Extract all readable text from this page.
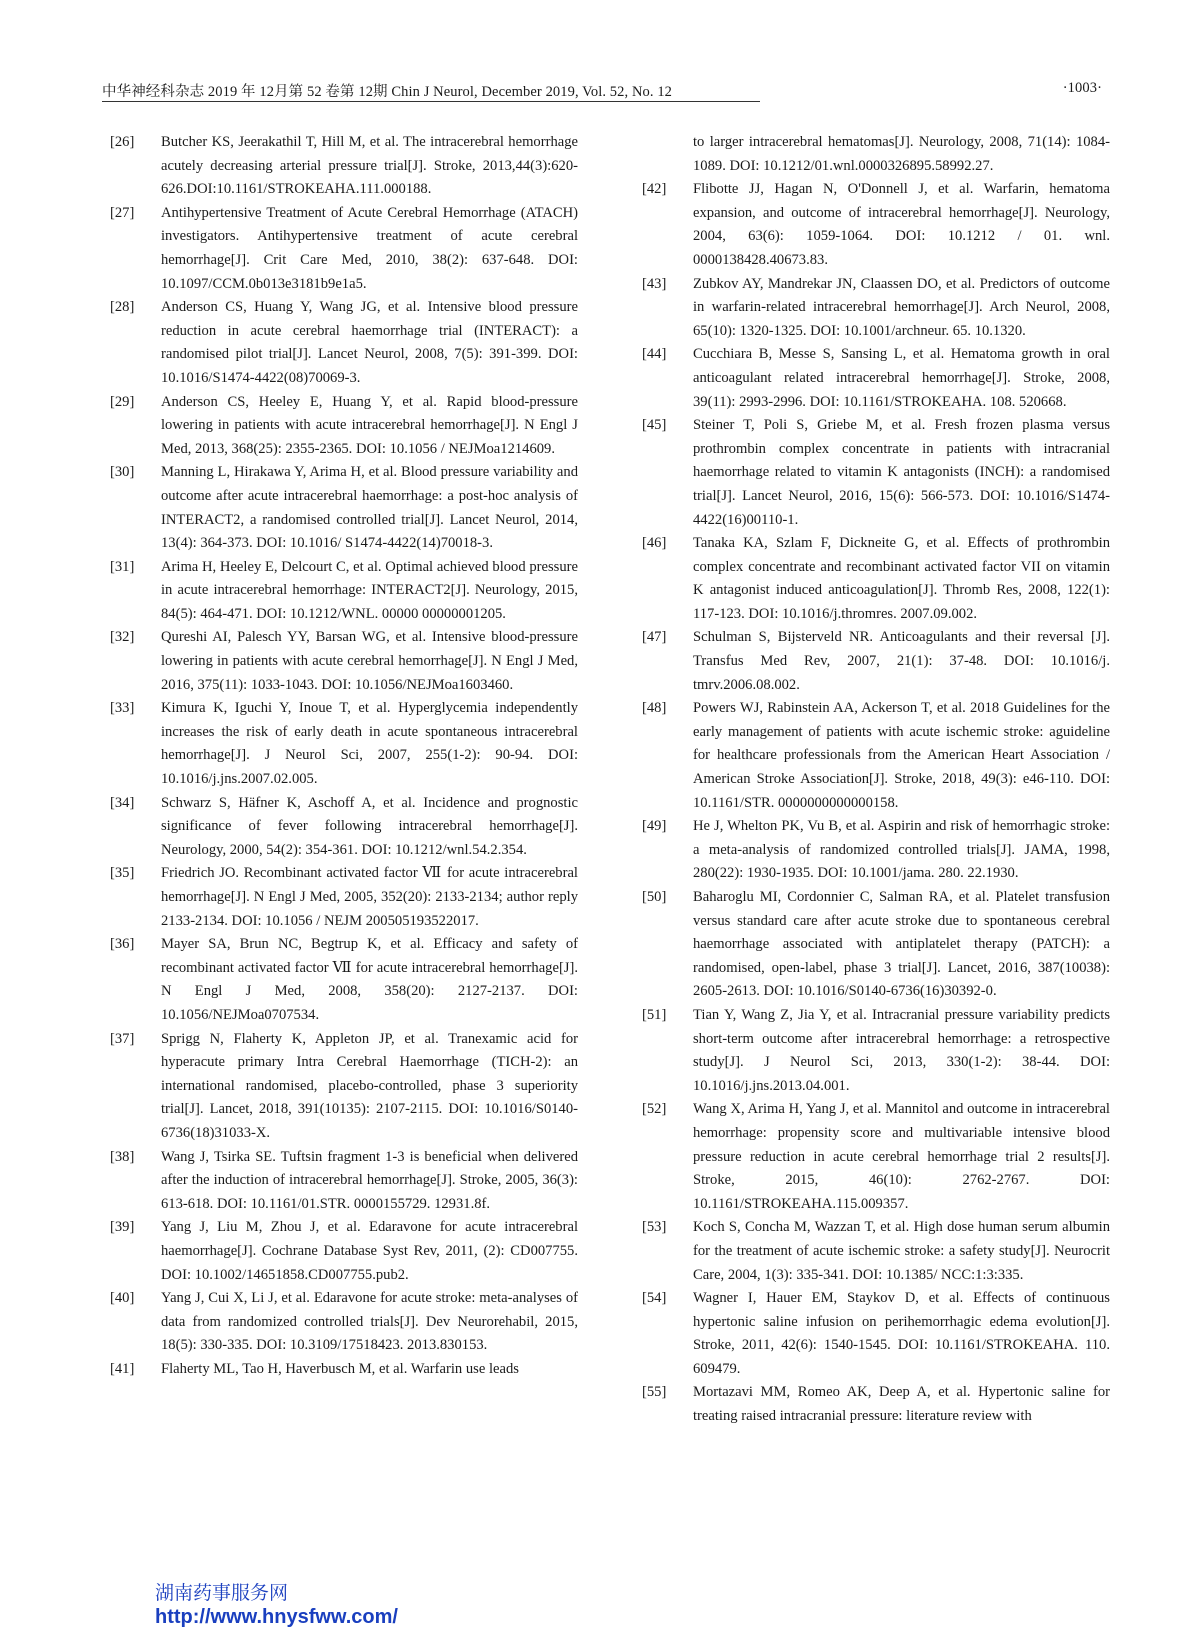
中华神经科杂志 2019 年 12月第 52 卷第 12期 Chin J Neurol, December 2019, Vol. 52, No. 12	·1003·
[26] Butcher KS, Jeerakathil T, Hill M, et al. The intracerebral hemorrhage acutely decreasing arterial pressure trial[J]. Stroke, 2013,44(3):620-626.DOI:10.1161/STROKEAHA.111.000188.
[27] Antihypertensive Treatment of Acute Cerebral Hemorrhage (ATACH) investigators. Antihypertensive treatment of acute cerebral hemorrhage[J]. Crit Care Med, 2010, 38(2): 637-648. DOI: 10.1097/CCM.0b013e3181b9e1a5.
[28] Anderson CS, Huang Y, Wang JG, et al. Intensive blood pressure reduction in acute cerebral haemorrhage trial (INTERACT): a randomised pilot trial[J]. Lancet Neurol, 2008, 7(5): 391-399. DOI: 10.1016/S1474-4422(08)70069-3.
[29] Anderson CS, Heeley E, Huang Y, et al. Rapid blood-pressure lowering in patients with acute intracerebral hemorrhage[J]. N Engl J Med, 2013, 368(25): 2355-2365. DOI: 10.1056 / NEJMoa1214609.
[30] Manning L, Hirakawa Y, Arima H, et al. Blood pressure variability and outcome after acute intracerebral haemorrhage: a post-hoc analysis of INTERACT2, a randomised controlled trial[J]. Lancet Neurol, 2014, 13(4): 364-373. DOI: 10.1016/ S1474-4422(14)70018-3.
[31] Arima H, Heeley E, Delcourt C, et al. Optimal achieved blood pressure in acute intracerebral hemorrhage: INTERACT2[J]. Neurology, 2015, 84(5): 464-471. DOI: 10.1212/WNL. 00000 00000001205.
[32] Qureshi AI, Palesch YY, Barsan WG, et al. Intensive blood-pressure lowering in patients with acute cerebral hemorrhage[J]. N Engl J Med, 2016, 375(11): 1033-1043. DOI: 10.1056/NEJMoa1603460.
[33] Kimura K, Iguchi Y, Inoue T, et al. Hyperglycemia independently increases the risk of early death in acute spontaneous intracerebral hemorrhage[J]. J Neurol Sci, 2007, 255(1-2): 90-94. DOI: 10.1016/j.jns.2007.02.005.
[34] Schwarz S, Häfner K, Aschoff A, et al. Incidence and prognostic significance of fever following intracerebral hemorrhage[J]. Neurology, 2000, 54(2): 354-361. DOI: 10.1212/wnl.54.2.354.
[35] Friedrich JO. Recombinant activated factor Ⅶ for acute intracerebral hemorrhage[J]. N Engl J Med, 2005, 352(20): 2133-2134; author reply 2133-2134. DOI: 10.1056 / NEJM 200505193522017.
[36] Mayer SA, Brun NC, Begtrup K, et al. Efficacy and safety of recombinant activated factor Ⅶ for acute intracerebral hemorrhage[J]. N Engl J Med, 2008, 358(20): 2127-2137. DOI: 10.1056/NEJMoa0707534.
[37] Sprigg N, Flaherty K, Appleton JP, et al. Tranexamic acid for hyperacute primary Intra Cerebral Haemorrhage (TICH-2): an international randomised, placebo-controlled, phase 3 superiority trial[J]. Lancet, 2018, 391(10135): 2107-2115. DOI: 10.1016/S0140-6736(18)31033-X.
[38] Wang J, Tsirka SE. Tuftsin fragment 1-3 is beneficial when delivered after the induction of intracerebral hemorrhage[J]. Stroke, 2005, 36(3): 613-618. DOI: 10.1161/01.STR. 0000155729. 12931.8f.
[39] Yang J, Liu M, Zhou J, et al. Edaravone for acute intracerebral haemorrhage[J]. Cochrane Database Syst Rev, 2011, (2): CD007755. DOI: 10.1002/14651858.CD007755.pub2.
[40] Yang J, Cui X, Li J, et al. Edaravone for acute stroke: meta-analyses of data from randomized controlled trials[J]. Dev Neurorehabil, 2015, 18(5): 330-335. DOI: 10.3109/17518423. 2013.830153.
[41] Flaherty ML, Tao H, Haverbusch M, et al. Warfarin use leads
to larger intracerebral hematomas[J]. Neurology, 2008, 71(14): 1084-1089. DOI: 10.1212/01.wnl.0000326895.58992.27.
[42] Flibotte JJ, Hagan N, O'Donnell J, et al. Warfarin, hematoma expansion, and outcome of intracerebral hemorrhage[J]. Neurology, 2004, 63(6): 1059-1064. DOI: 10.1212 / 01. wnl. 0000138428.40673.83.
[43] Zubkov AY, Mandrekar JN, Claassen DO, et al. Predictors of outcome in warfarin-related intracerebral hemorrhage[J]. Arch Neurol, 2008, 65(10): 1320-1325. DOI: 10.1001/archneur. 65. 10.1320.
[44] Cucchiara B, Messe S, Sansing L, et al. Hematoma growth in oral anticoagulant related intracerebral hemorrhage[J]. Stroke, 2008, 39(11): 2993-2996. DOI: 10.1161/STROKEAHA. 108. 520668.
[45] Steiner T, Poli S, Griebe M, et al. Fresh frozen plasma versus prothrombin complex concentrate in patients with intracranial haemorrhage related to vitamin K antagonists (INCH): a randomised trial[J]. Lancet Neurol, 2016, 15(6): 566-573. DOI: 10.1016/S1474-4422(16)00110-1.
[46] Tanaka KA, Szlam F, Dickneite G, et al. Effects of prothrombin complex concentrate and recombinant activated factor VII on vitamin K antagonist induced anticoagulation[J]. Thromb Res, 2008, 122(1): 117-123. DOI: 10.1016/j.thromres. 2007.09.002.
[47] Schulman S, Bijsterveld NR. Anticoagulants and their reversal [J]. Transfus Med Rev, 2007, 21(1): 37-48. DOI: 10.1016/j. tmrv.2006.08.002.
[48] Powers WJ, Rabinstein AA, Ackerson T, et al. 2018 Guidelines for the early management of patients with acute ischemic stroke: aguideline for healthcare professionals from the American Heart Association / American Stroke Association[J]. Stroke, 2018, 49(3): e46-110. DOI: 10.1161/STR. 0000000000000158.
[49] He J, Whelton PK, Vu B, et al. Aspirin and risk of hemorrhagic stroke: a meta-analysis of randomized controlled trials[J]. JAMA, 1998, 280(22): 1930-1935. DOI: 10.1001/jama. 280. 22.1930.
[50] Baharoglu MI, Cordonnier C, Salman RA, et al. Platelet transfusion versus standard care after acute stroke due to spontaneous cerebral haemorrhage associated with antiplatelet therapy (PATCH): a randomised, open-label, phase 3 trial[J]. Lancet, 2016, 387(10038): 2605-2613. DOI: 10.1016/S0140-6736(16)30392-0.
[51] Tian Y, Wang Z, Jia Y, et al. Intracranial pressure variability predicts short-term outcome after intracerebral hemorrhage: a retrospective study[J]. J Neurol Sci, 2013, 330(1-2): 38-44. DOI: 10.1016/j.jns.2013.04.001.
[52] Wang X, Arima H, Yang J, et al. Mannitol and outcome in intracerebral hemorrhage: propensity score and multivariable intensive blood pressure reduction in acute cerebral hemorrhage trial 2 results[J]. Stroke, 2015, 46(10): 2762-2767. DOI: 10.1161/STROKEAHA.115.009357.
[53] Koch S, Concha M, Wazzan T, et al. High dose human serum albumin for the treatment of acute ischemic stroke: a safety study[J]. Neurocrit Care, 2004, 1(3): 335-341. DOI: 10.1385/ NCC:1:3:335.
[54] Wagner I, Hauer EM, Staykov D, et al. Effects of continuous hypertonic saline infusion on perihemorrhagic edema evolution[J]. Stroke, 2011, 42(6): 1540-1545. DOI: 10.1161/STROKEAHA. 110. 609479.
[55] Mortazavi MM, Romeo AK, Deep A, et al. Hypertonic saline for treating raised intracranial pressure: literature review with
湖南药事服务网
http://www.hnysfww.com/
